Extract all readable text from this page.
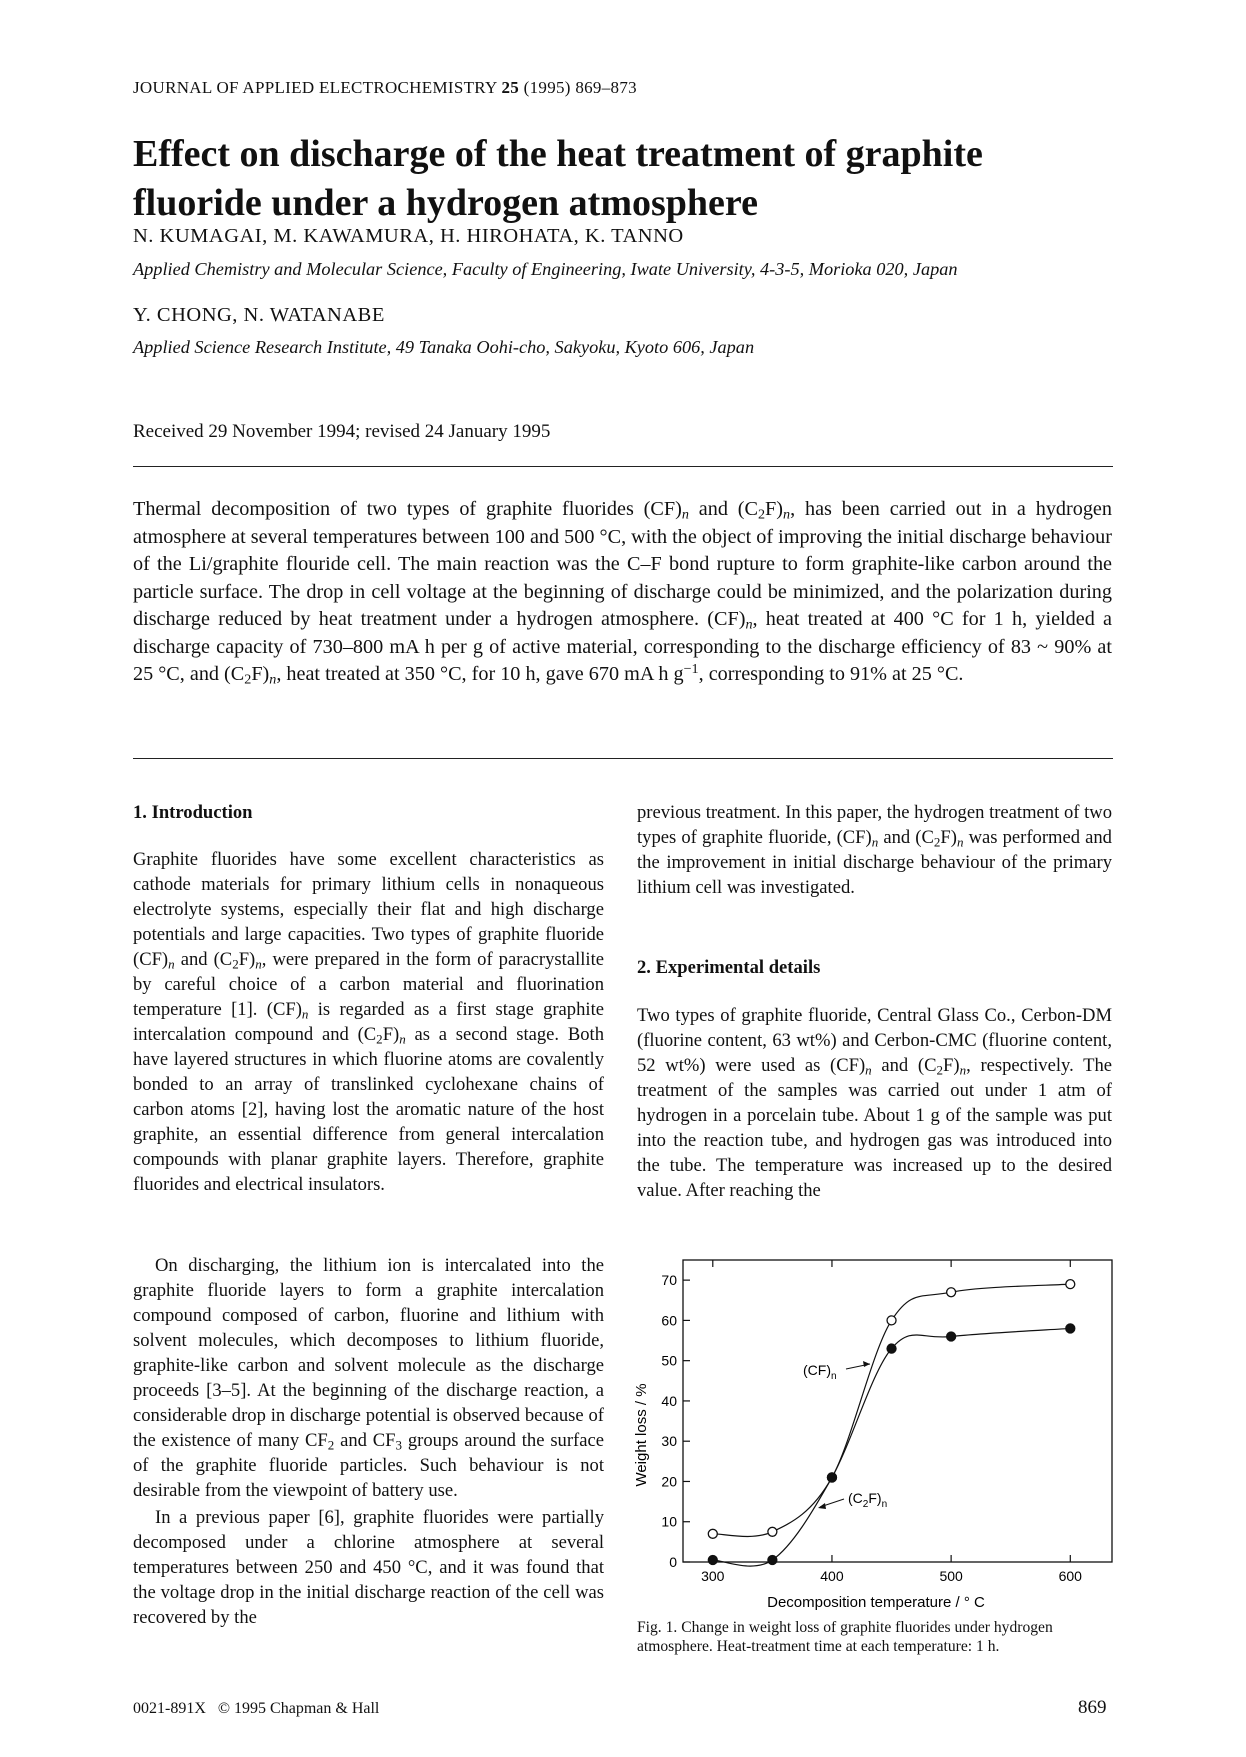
JOURNAL OF APPLIED ELECTROCHEMISTRY 25 (1995) 869–873
Effect on discharge of the heat treatment of graphite
fluoride under a hydrogen atmosphere
N. KUMAGAI, M. KAWAMURA, H. HIROHATA, K. TANNO
Applied Chemistry and Molecular Science, Faculty of Engineering, Iwate University, 4-3-5, Morioka 020, Japan
Y. CHONG, N. WATANABE
Applied Science Research Institute, 49 Tanaka Oohi-cho, Sakyoku, Kyoto 606, Japan
Received 29 November 1994; revised 24 January 1995
Thermal decomposition of two types of graphite fluorides $(CF)_n$ and $(C_2F)_n$, has been carried out in a hydrogen atmosphere at several temperatures between 100 and 500 °C, with the object of improving the initial discharge behaviour of the Li/graphite flouride cell. The main reaction was the C–F bond rupture to form graphite-like carbon around the particle surface. The drop in cell voltage at the beginning of discharge could be minimized, and the polarization during discharge reduced by heat treatment under a hydrogen atmosphere. $(CF)_n$, heat treated at 400 °C for 1 h, yielded a discharge capacity of 730–800 mA h per g of active material, corresponding to the discharge efficiency of 83 ~ 90% at 25 °C, and $(C_2F)_n$, heat treated at 350 °C, for 10 h, gave 670 mA h $g^{-1}$, corresponding to 91% at 25 °C.
1. Introduction
Graphite fluorides have some excellent characteristics as cathode materials for primary lithium cells in nonaqueous electrolyte systems, especially their flat and high discharge potentials and large capacities. Two types of graphite fluoride $(CF)_n$ and $(C_2F)_n$, were prepared in the form of paracrystallite by careful choice of a carbon material and fluorination temperature [1]. $(CF)_n$ is regarded as a first stage graphite intercalation compound and $(C_2F)_n$ as a second stage. Both have layered structures in which fluorine atoms are covalently bonded to an array of translinked cyclohexane chains of carbon atoms [2], having lost the aromatic nature of the host graphite, an essential difference from general intercalation compounds with planar graphite layers. Therefore, graphite fluorides and electrical insulators.
On discharging, the lithium ion is intercalated into the graphite fluoride layers to form a graphite intercalation compound composed of carbon, fluorine and lithium with solvent molecules, which decomposes to lithium fluoride, graphite-like carbon and solvent molecule as the discharge proceeds [3–5]. At the beginning of the discharge reaction, a considerable drop in discharge potential is observed because of the existence of many $CF_2$ and $CF_3$ groups around the surface of the graphite fluoride particles. Such behaviour is not desirable from the viewpoint of battery use.
In a previous paper [6], graphite fluorides were partially decomposed under a chlorine atmosphere at several temperatures between 250 and 450 °C, and it was found that the voltage drop in the initial discharge reaction of the cell was recovered by the
previous treatment. In this paper, the hydrogen treatment of two types of graphite fluoride, $(CF)_n$ and $(C_2F)_n$ was performed and the improvement in initial discharge behaviour of the primary lithium cell was investigated.
2. Experimental details
Two types of graphite fluoride, Central Glass Co., Cerbon-DM (fluorine content, 63 wt%) and Cerbon-CMC (fluorine content, 52 wt%) were used as $(CF)_n$ and $(C_2F)_n$, respectively. The treatment of the samples was carried out under 1 atm of hydrogen in a porcelain tube. About 1 g of the sample was put into the reaction tube, and hydrogen gas was introduced into the tube. The temperature was increased up to the desired value. After reaching the
0
10
20
30
40
50
60
70
300	400	500	600
Weight loss / %
Decomposition temperature / ° C
$(CF)_n$
$(C_2F)_n$
Fig. 1. Change in weight loss of graphite fluorides under hydrogen atmosphere. Heat-treatment time at each temperature: 1 h.
0021-891X © 1995 Chapman & Hall	869
